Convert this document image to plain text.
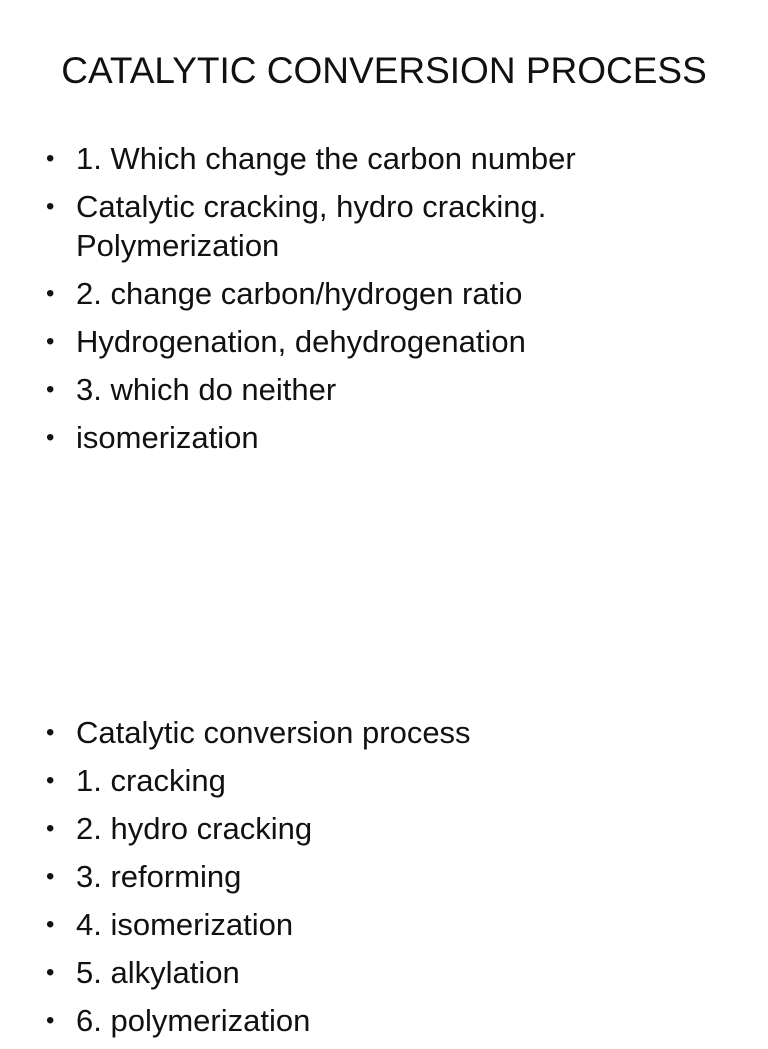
CATALYTIC CONVERSION PROCESS
• 1. Which change the carbon number
• Catalytic cracking, hydro cracking. Polymerization
• 2. change carbon/hydrogen ratio
• Hydrogenation, dehydrogenation
• 3. which do neither
• isomerization
• Catalytic conversion process
• 1. cracking
• 2. hydro cracking
• 3. reforming
• 4. isomerization
• 5. alkylation
• 6. polymerization
